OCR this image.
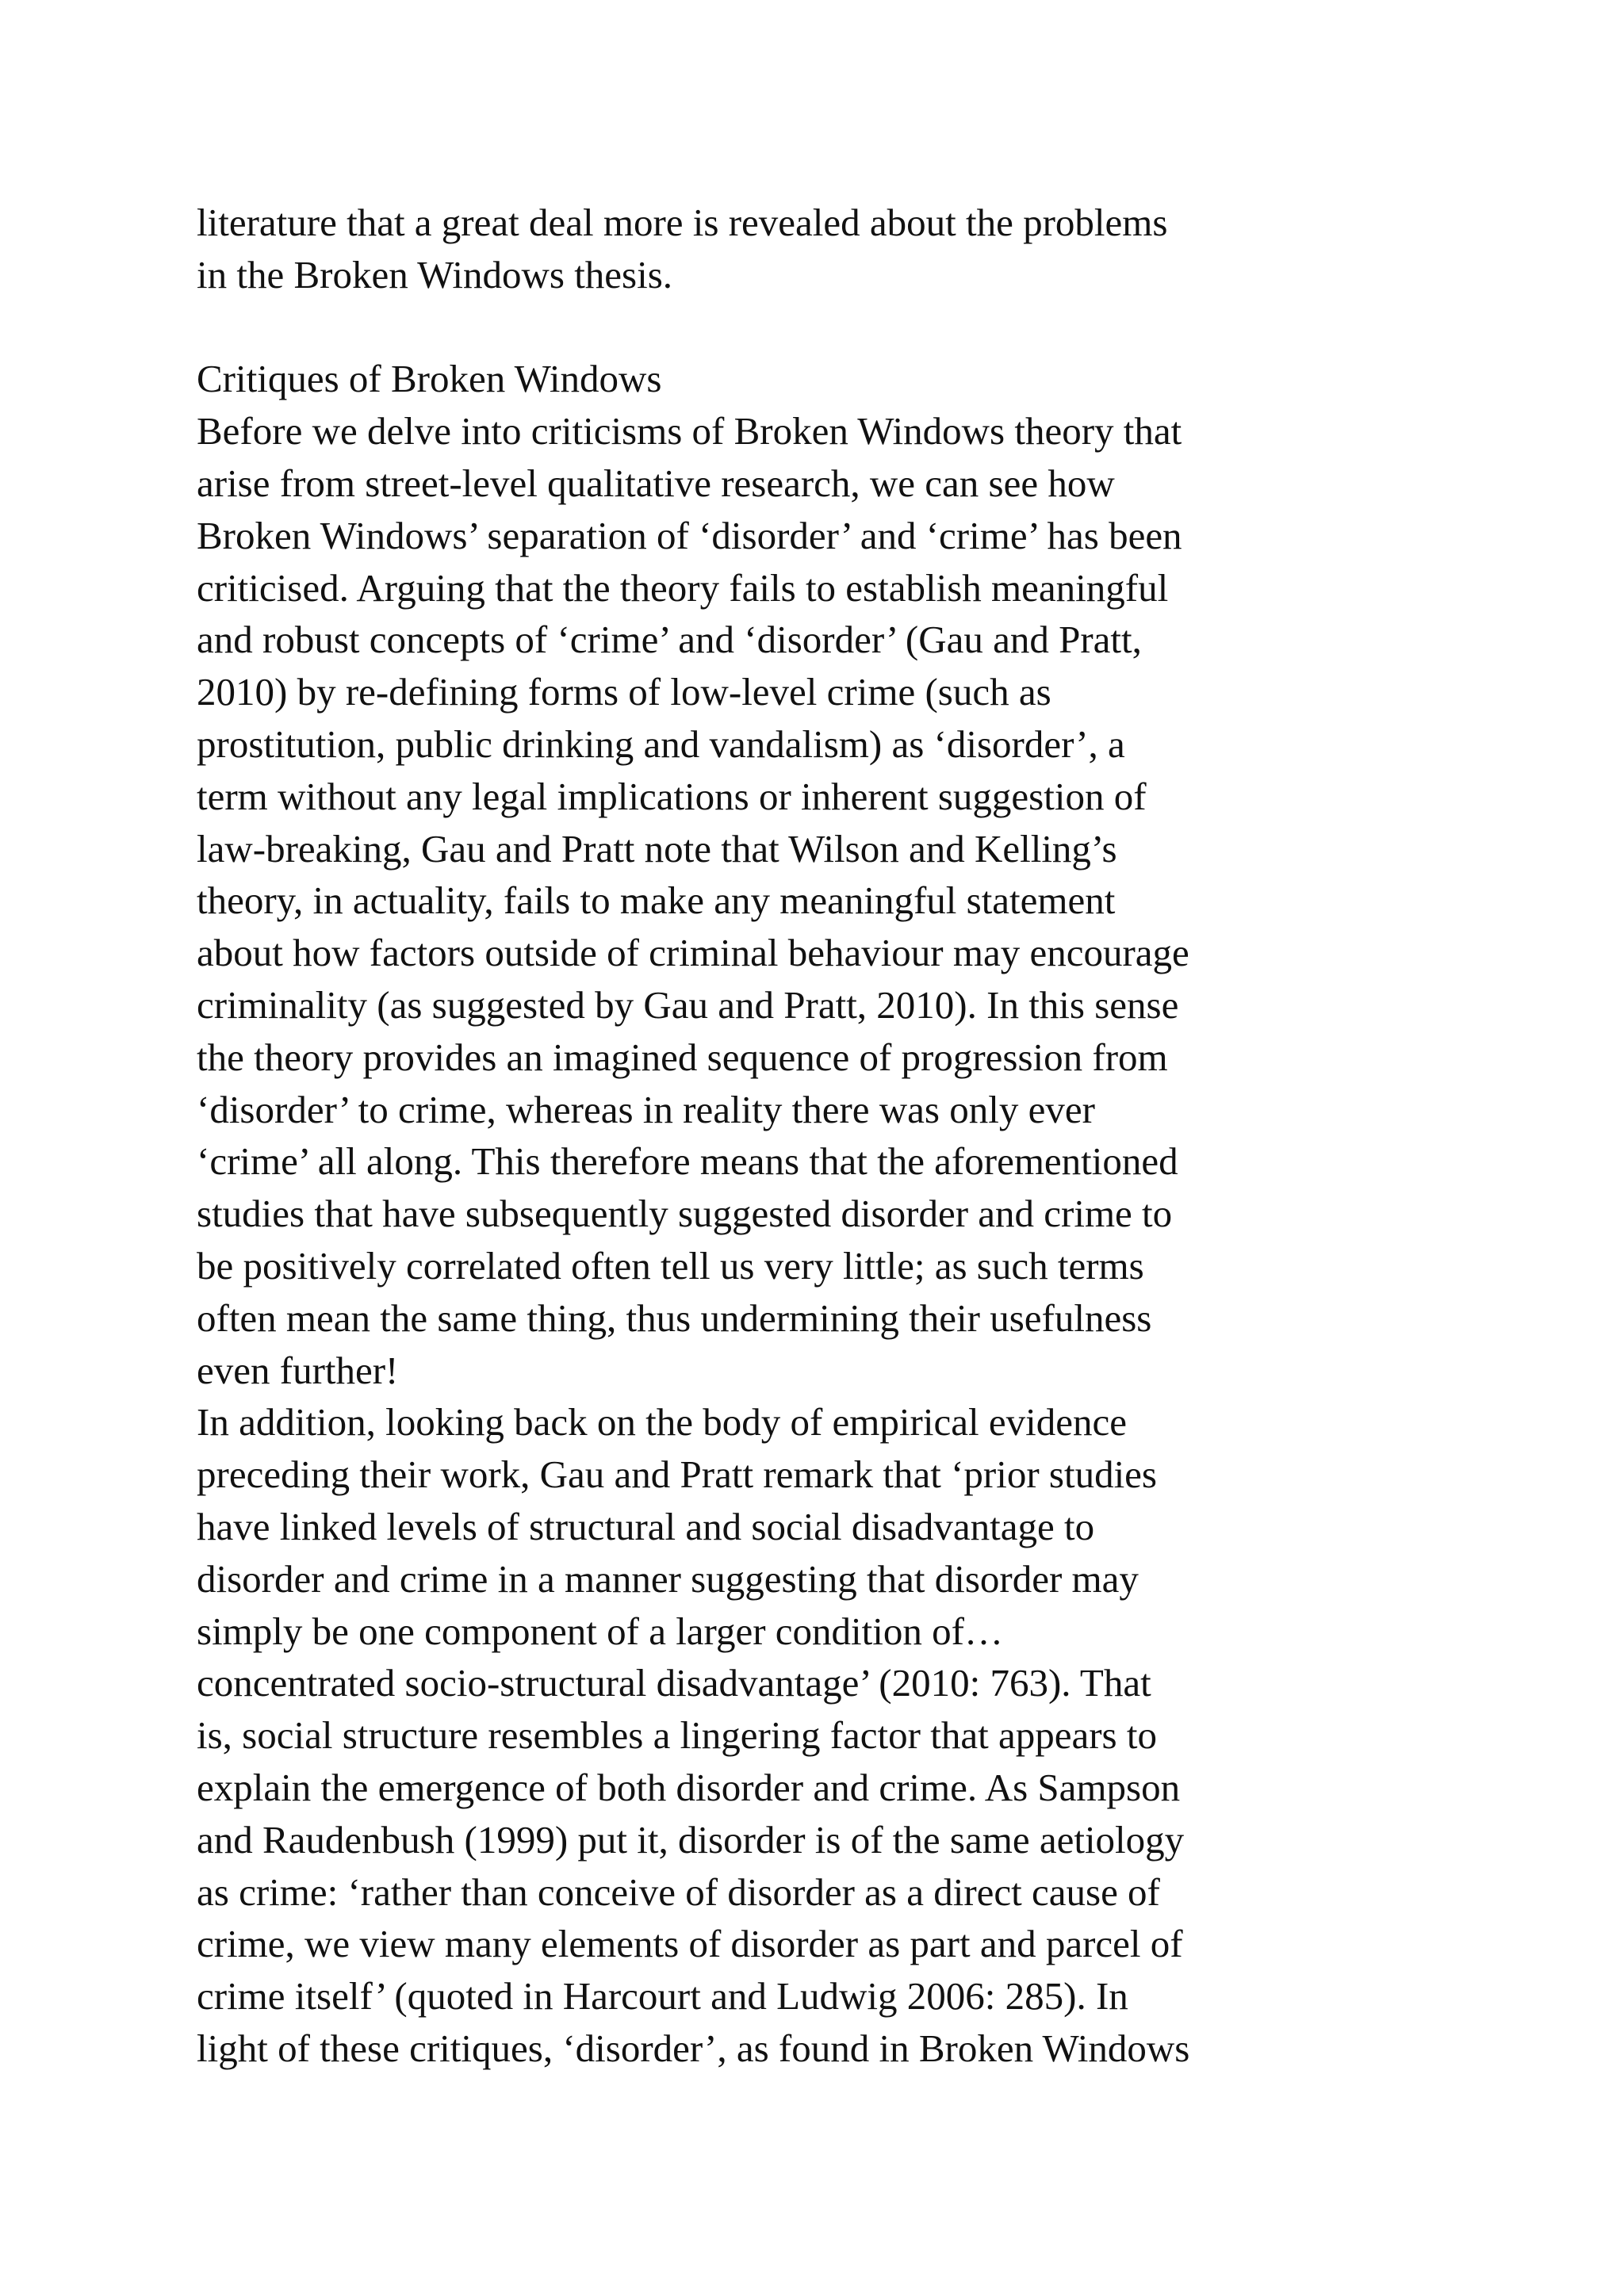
literature that a great deal more is revealed about the problems
in the Broken Windows thesis.
Critiques of Broken Windows
Before we delve into criticisms of Broken Windows theory that
arise from street-level qualitative research, we can see how
Broken Windows’ separation of ‘disorder’ and ‘crime’ has been
criticised. Arguing that the theory fails to establish meaningful
and robust concepts of ‘crime’ and ‘disorder’ (Gau and Pratt,
2010) by re-defining forms of low-level crime (such as
prostitution, public drinking and vandalism) as ‘disorder’, a
term without any legal implications or inherent suggestion of
law-breaking, Gau and Pratt note that Wilson and Kelling’s
theory, in actuality, fails to make any meaningful statement
about how factors outside of criminal behaviour may encourage
criminality (as suggested by Gau and Pratt, 2010). In this sense
the theory provides an imagined sequence of progression from
‘disorder’ to crime, whereas in reality there was only ever
‘crime’ all along. This therefore means that the aforementioned
studies that have subsequently suggested disorder and crime to
be positively correlated often tell us very little; as such terms
often mean the same thing, thus undermining their usefulness
even further!
In addition, looking back on the body of empirical evidence
preceding their work, Gau and Pratt remark that ‘prior studies
have linked levels of structural and social disadvantage to
disorder and crime in a manner suggesting that disorder may
simply be one component of a larger condition of…
concentrated socio-structural disadvantage’ (2010: 763). That
is, social structure resembles a lingering factor that appears to
explain the emergence of both disorder and crime. As Sampson
and Raudenbush (1999) put it, disorder is of the same aetiology
as crime: ‘rather than conceive of disorder as a direct cause of
crime, we view many elements of disorder as part and parcel of
crime itself’ (quoted in Harcourt and Ludwig 2006: 285). In
light of these critiques, ‘disorder’, as found in Broken Windows
